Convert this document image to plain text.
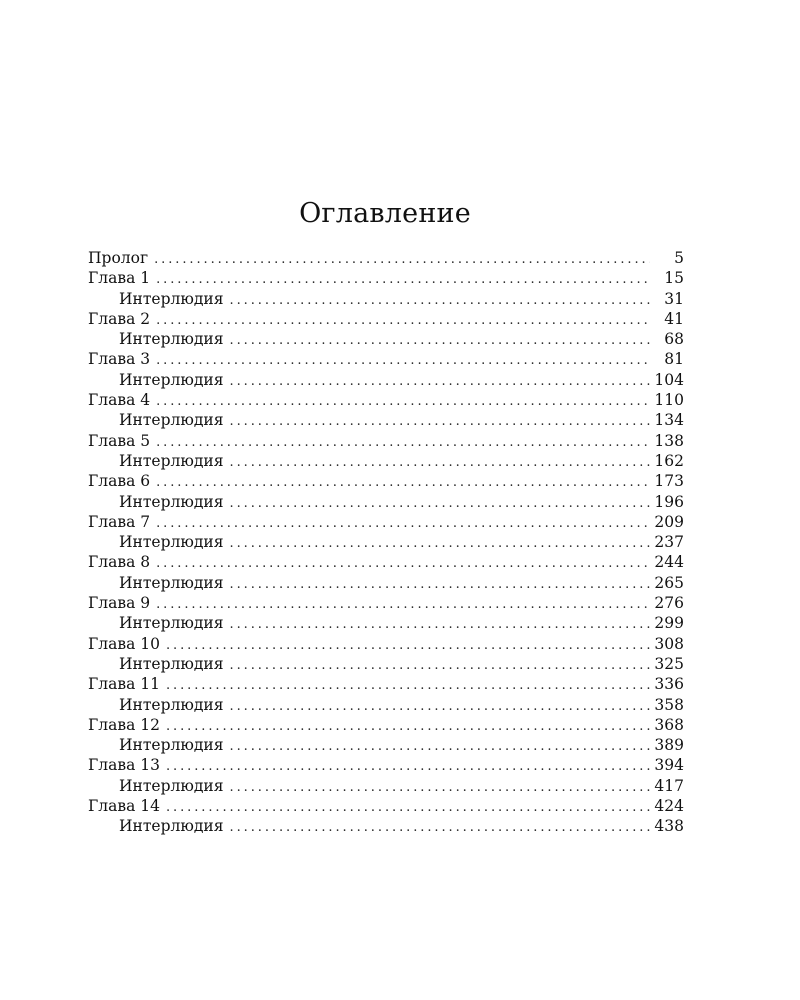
Оглавление
Пролог . . .	5
Глава 1 . . .	15
Интерлюдия . . .	31
Глава 2 . . .	41
Интерлюдия . . .	68
Глава 3 . . .	81
Интерлюдия . . .	104
Глава 4 . . .	110
Интерлюдия . . .	134
Глава 5 . . .	138
Интерлюдия . . .	162
Глава 6 . . .	173
Интерлюдия . . .	196
Глава 7 . . .	209
Интерлюдия . . .	237
Глава 8 . . .	244
Интерлюдия . . .	265
Глава 9 . . .	276
Интерлюдия . . .	299
Глава 10 . . .	308
Интерлюдия . . .	325
Глава 11 . . .	336
Интерлюдия . . .	358
Глава 12 . . .	368
Интерлюдия . . .	389
Глава 13 . . .	394
Интерлюдия . . .	417
Глава 14 . . .	424
Интерлюдия . . .	438
